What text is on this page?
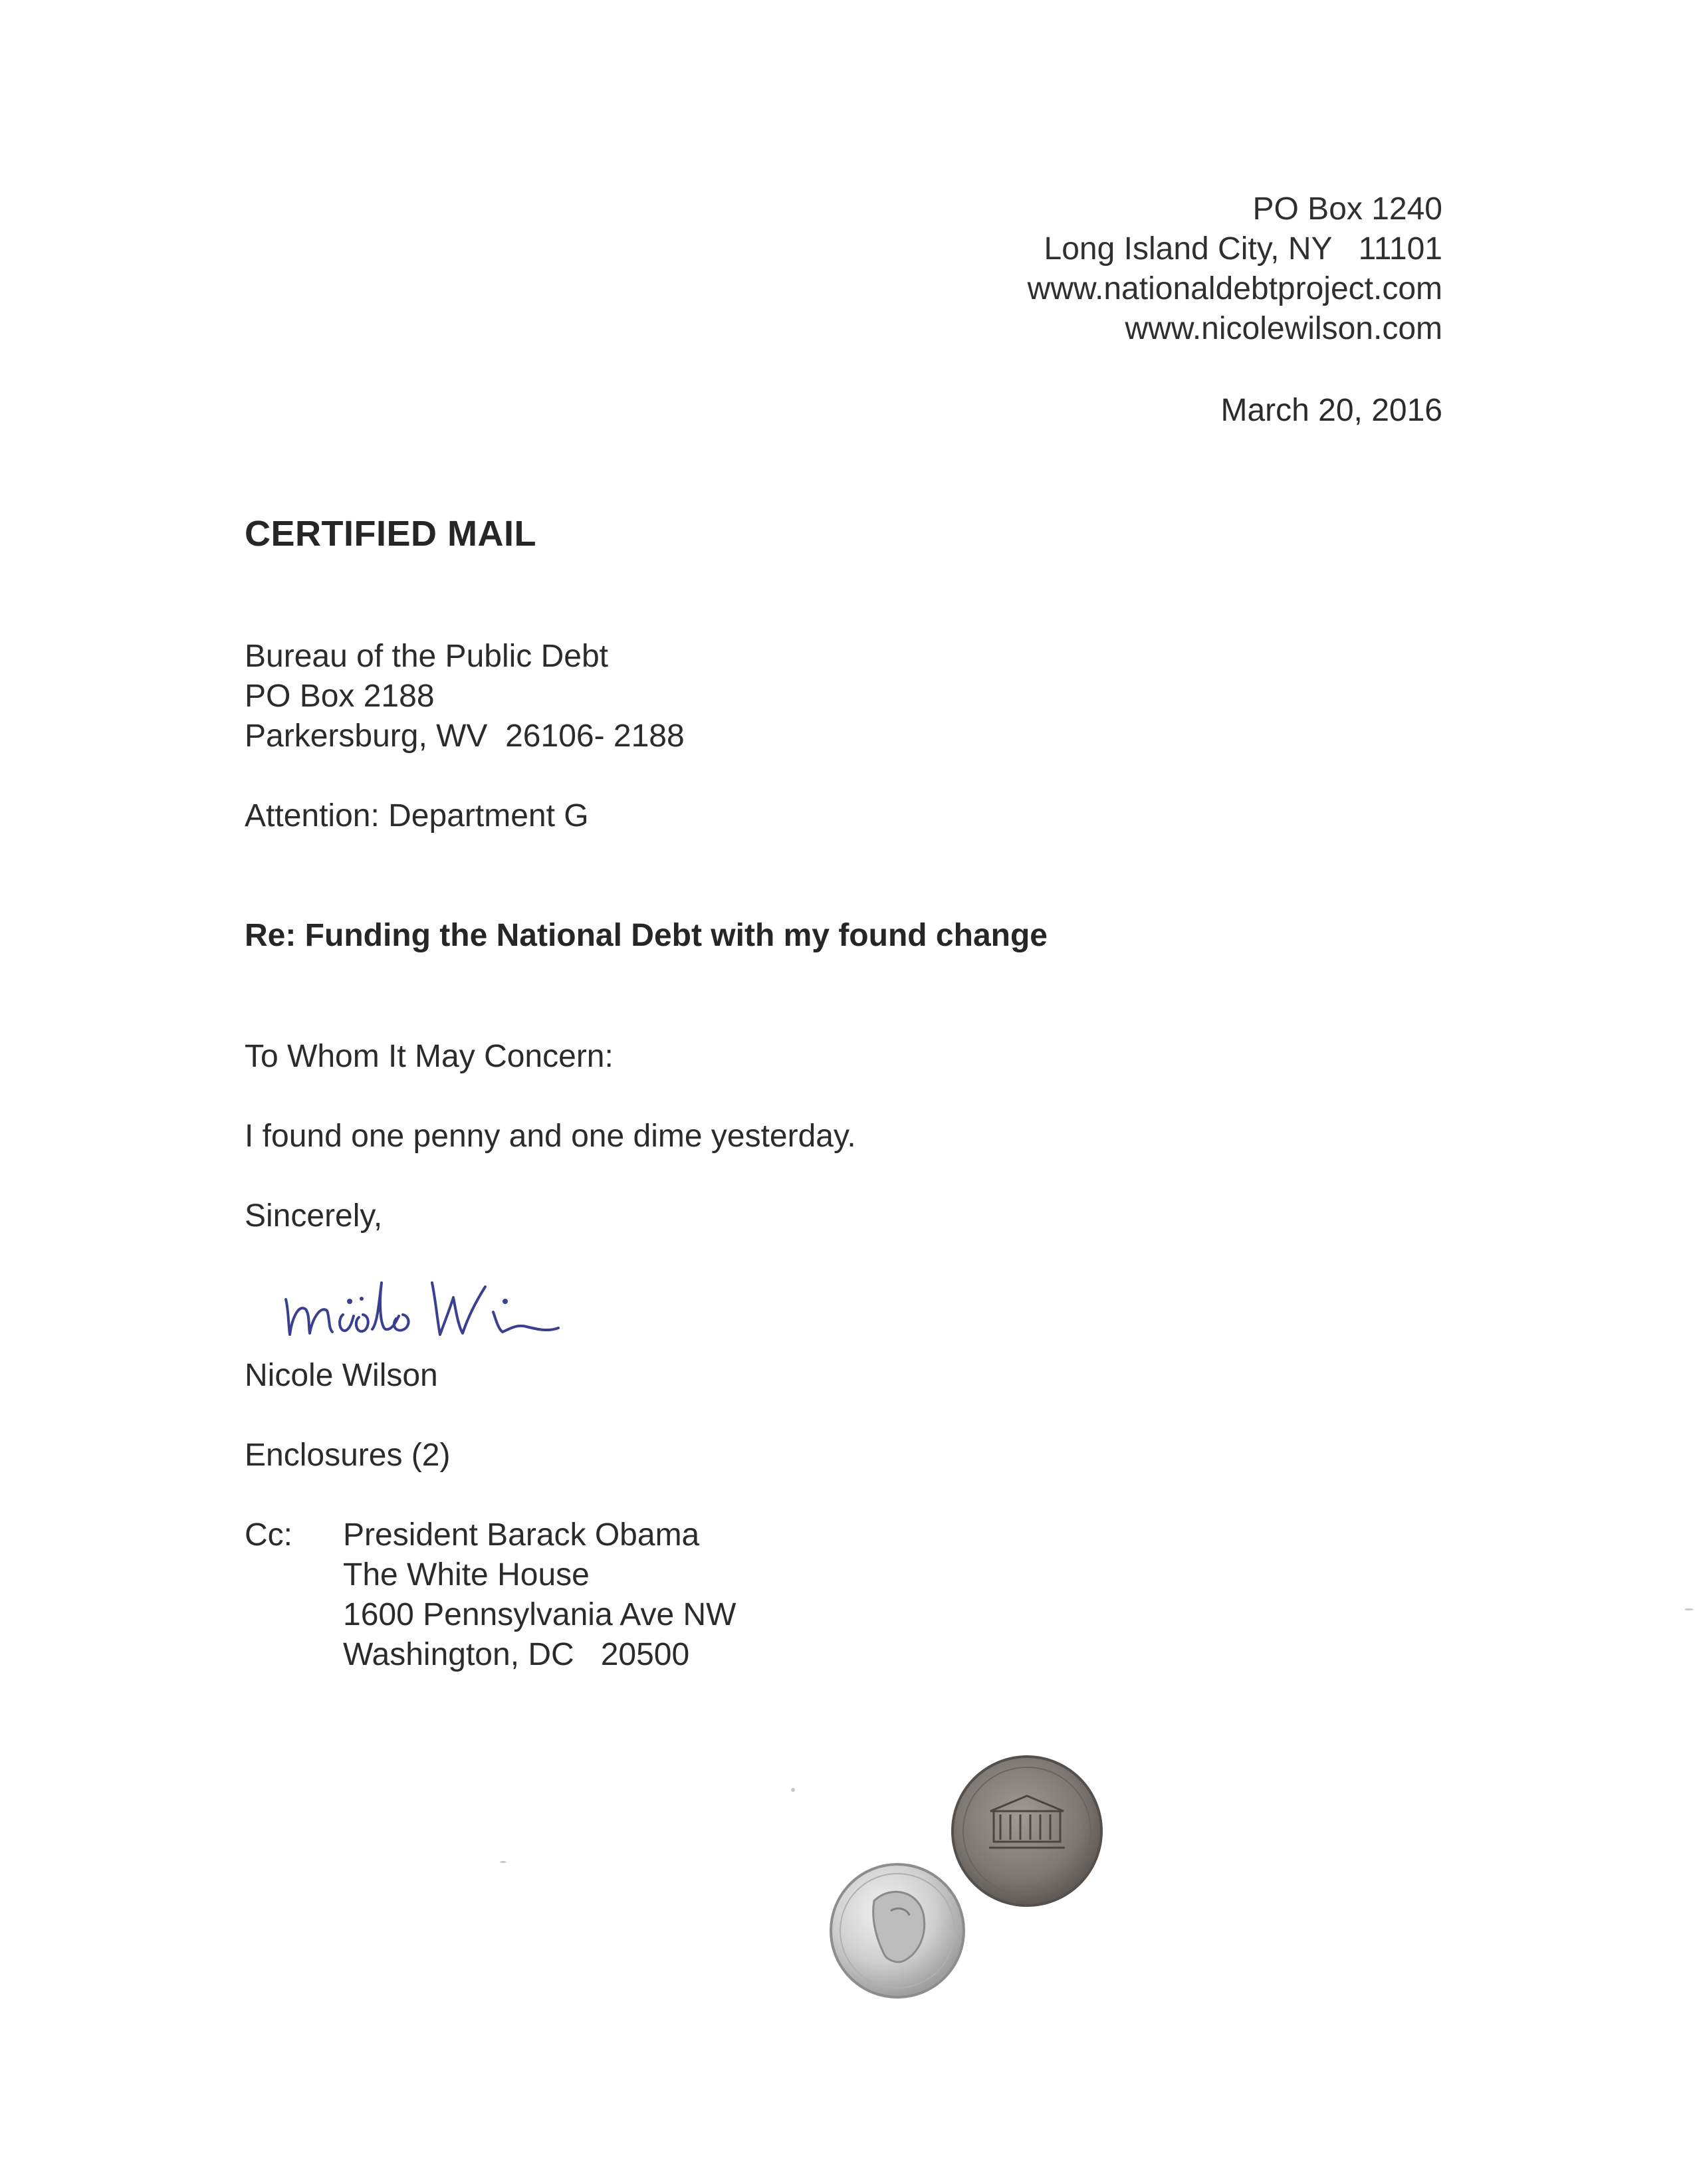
PO Box 1240
Long Island City, NY   11101
www.nationaldebtproject.com
www.nicolewilson.com
March 20, 2016
CERTIFIED MAIL
Bureau of the Public Debt
PO Box 2188
Parkersburg, WV  26106- 2188
Attention: Department G
Re: Funding the National Debt with my found change
To Whom It May Concern:
I found one penny and one dime yesterday.
Sincerely,
Nicole Wilson
Enclosures (2)
Cc: President Barack Obama
The White House
1600 Pennsylvania Ave NW
Washington, DC   20500
